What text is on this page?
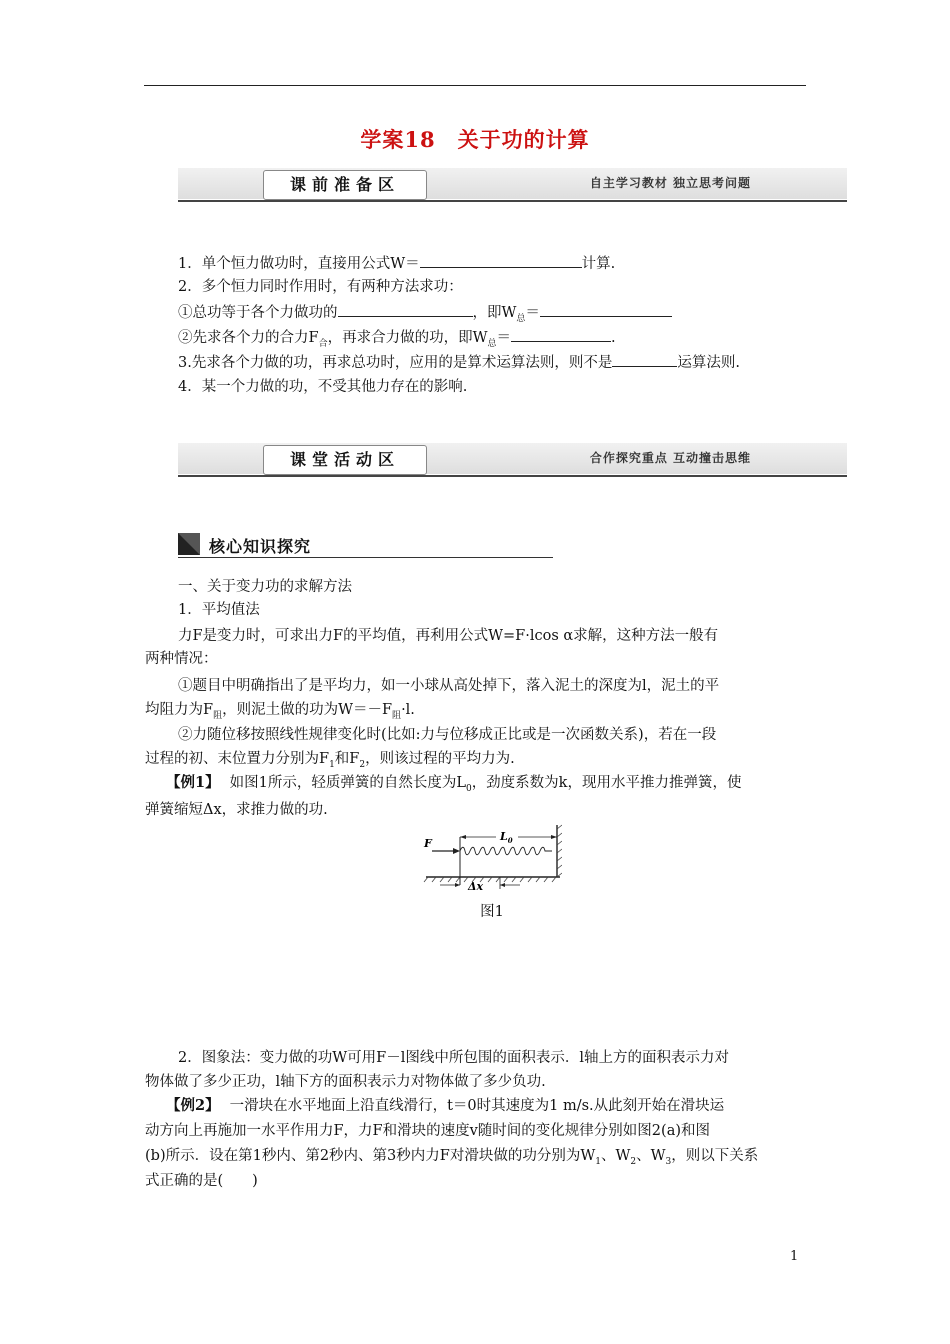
学案18　关于功的计算
课前准备区	自主学习教材 独立思考问题
1．单个恒力做功时，直接用公式W＝	计算.
2．多个恒力同时作用时，有两种方法求功：
①总功等于各个力做功的	，即$W_总=$
②先求各个力的合力$F_合$，再求合力做的功，即$W_总=$	.
3.先求各个力做的功，再求总功时，应用的是算术运算法则，则不是	运算法则.
4．某一个力做的功，不受其他力存在的影响.
课堂活动区	合作探究重点 互动撞击思维
核心知识探究
一、关于变力功的求解方法
1．平均值法
力F是变力时，可求出力F的平均值，再利用公式W=F·lcos α求解，这种方法一般有
两种情况：
①题目中明确指出了是平均力，如一小球从高处掉下，落入泥土的深度为l，泥土的平
均阻力为$F_阻$，则泥土做的功为$W=-F_阻\cdot l$.
②力随位移按照线性规律变化时(比如:力与位移成正比或是一次函数关系)，若在一段
过程的初、末位置力分别为$F_1$和$F_2$，则该过程的平均力为.
【例1】 如图1所示，轻质弹簧的自然长度为$L_0$，劲度系数为k，现用水平推力推弹簧，使
弹簧缩短Δx，求推力做的功.
$L_0$
F
Δx
图1
2．图象法：变力做的功W可用F－l图线中所包围的面积表示．l轴上方的面积表示力对
物体做了多少正功，l轴下方的面积表示力对物体做了多少负功.
【例2】 一滑块在水平地面上沿直线滑行，t＝0时其速度为1 m/s.从此刻开始在滑块运
动方向上再施加一水平作用力F，力F和滑块的速度v随时间的变化规律分别如图2(a)和图
(b)所示．设在第1秒内、第2秒内、第3秒内力F对滑块做的功分别为$W_1$、$W_2$、$W_3$，则以下关系
式正确的是(　　)
1
